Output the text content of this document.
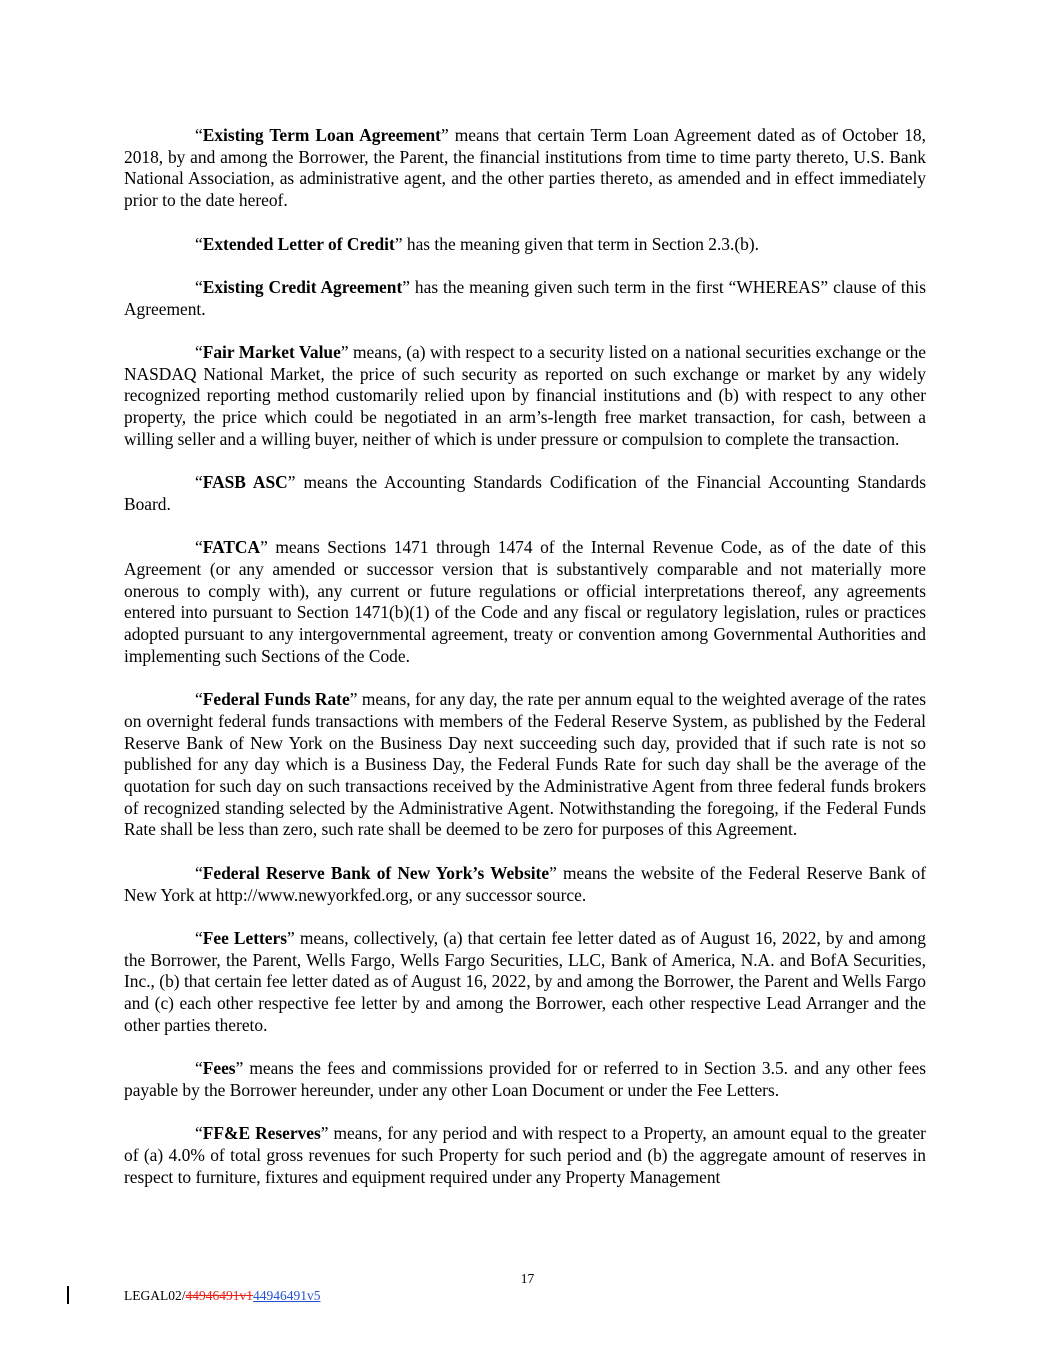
“Existing Term Loan Agreement” means that certain Term Loan Agreement dated as of October 18, 2018, by and among the Borrower, the Parent, the financial institutions from time to time party thereto, U.S. Bank National Association, as administrative agent, and the other parties thereto, as amended and in effect immediately prior to the date hereof.

“Extended Letter of Credit” has the meaning given that term in Section 2.3.(b).

“Existing Credit Agreement” has the meaning given such term in the first “WHEREAS” clause of this Agreement.

“Fair Market Value” means, (a) with respect to a security listed on a national securities exchange or the NASDAQ National Market, the price of such security as reported on such exchange or market by any widely recognized reporting method customarily relied upon by financial institutions and (b) with respect to any other property, the price which could be negotiated in an arm’s-length free market transaction, for cash, between a willing seller and a willing buyer, neither of which is under pressure or compulsion to complete the transaction.

“FASB ASC” means the Accounting Standards Codification of the Financial Accounting Standards Board.

“FATCA” means Sections 1471 through 1474 of the Internal Revenue Code, as of the date of this Agreement (or any amended or successor version that is substantively comparable and not materially more onerous to comply with), any current or future regulations or official interpretations thereof, any agreements entered into pursuant to Section 1471(b)(1) of the Code and any fiscal or regulatory legislation, rules or practices adopted pursuant to any intergovernmental agreement, treaty or convention among Governmental Authorities and implementing such Sections of the Code.

“Federal Funds Rate” means, for any day, the rate per annum equal to the weighted average of the rates on overnight federal funds transactions with members of the Federal Reserve System, as published by the Federal Reserve Bank of New York on the Business Day next succeeding such day, provided that if such rate is not so published for any day which is a Business Day, the Federal Funds Rate for such day shall be the average of the quotation for such day on such transactions received by the Administrative Agent from three federal funds brokers of recognized standing selected by the Administrative Agent. Notwithstanding the foregoing, if the Federal Funds Rate shall be less than zero, such rate shall be deemed to be zero for purposes of this Agreement.

“Federal Reserve Bank of New York’s Website” means the website of the Federal Reserve Bank of New York at http://www.newyorkfed.org, or any successor source.

“Fee Letters” means, collectively, (a) that certain fee letter dated as of August 16, 2022, by and among the Borrower, the Parent, Wells Fargo, Wells Fargo Securities, LLC, Bank of America, N.A. and BofA Securities, Inc., (b) that certain fee letter dated as of August 16, 2022, by and among the Borrower, the Parent and Wells Fargo and (c) each other respective fee letter by and among the Borrower, each other respective Lead Arranger and the other parties thereto.

“Fees” means the fees and commissions provided for or referred to in Section 3.5. and any other fees payable by the Borrower hereunder, under any other Loan Document or under the Fee Letters.

“FF&E Reserves” means, for any period and with respect to a Property, an amount equal to the greater of (a) 4.0% of total gross revenues for such Property for such period and (b) the aggregate amount of reserves in respect to furniture, fixtures and equipment required under any Property Management

17
LEGAL02/44946491v144946491v5
